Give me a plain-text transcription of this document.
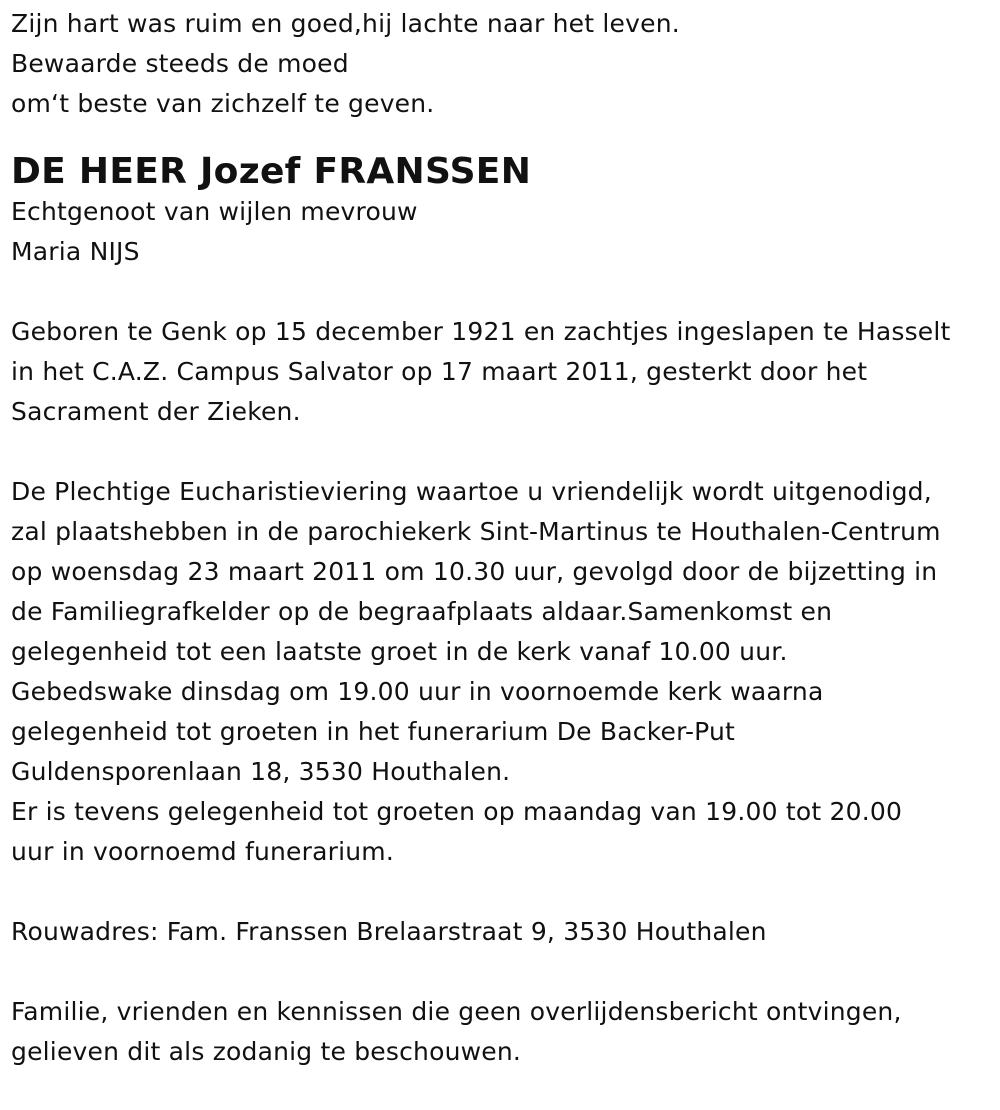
Zijn hart was ruim en goed,hij lachte naar het leven.
Bewaarde steeds de moed
om‘t beste van zichzelf te geven.
DE HEER Jozef FRANSSEN
Echtgenoot van wijlen mevrouw
Maria NIJS
Geboren te Genk op 15 december 1921 en zachtjes ingeslapen te Hasselt
in het C.A.Z. Campus Salvator op 17 maart 2011, gesterkt door het
Sacrament der Zieken.
De Plechtige Eucharistieviering waartoe u vriendelijk wordt uitgenodigd,
zal plaatshebben in de parochiekerk Sint-Martinus te Houthalen-Centrum
op woensdag 23 maart 2011 om 10.30 uur, gevolgd door de bijzetting in
de Familiegrafkelder op de begraafplaats aldaar.Samenkomst en
gelegenheid tot een laatste groet in de kerk vanaf 10.00 uur.
Gebedswake dinsdag om 19.00 uur in voornoemde kerk waarna
gelegenheid tot groeten in het funerarium De Backer-Put
Guldensporenlaan 18, 3530 Houthalen.
Er is tevens gelegenheid tot groeten op maandag van 19.00 tot 20.00
uur in voornoemd funerarium.
Rouwadres: Fam. Franssen Brelaarstraat 9, 3530 Houthalen
Familie, vrienden en kennissen die geen overlijdensbericht ontvingen,
gelieven dit als zodanig te beschouwen.
